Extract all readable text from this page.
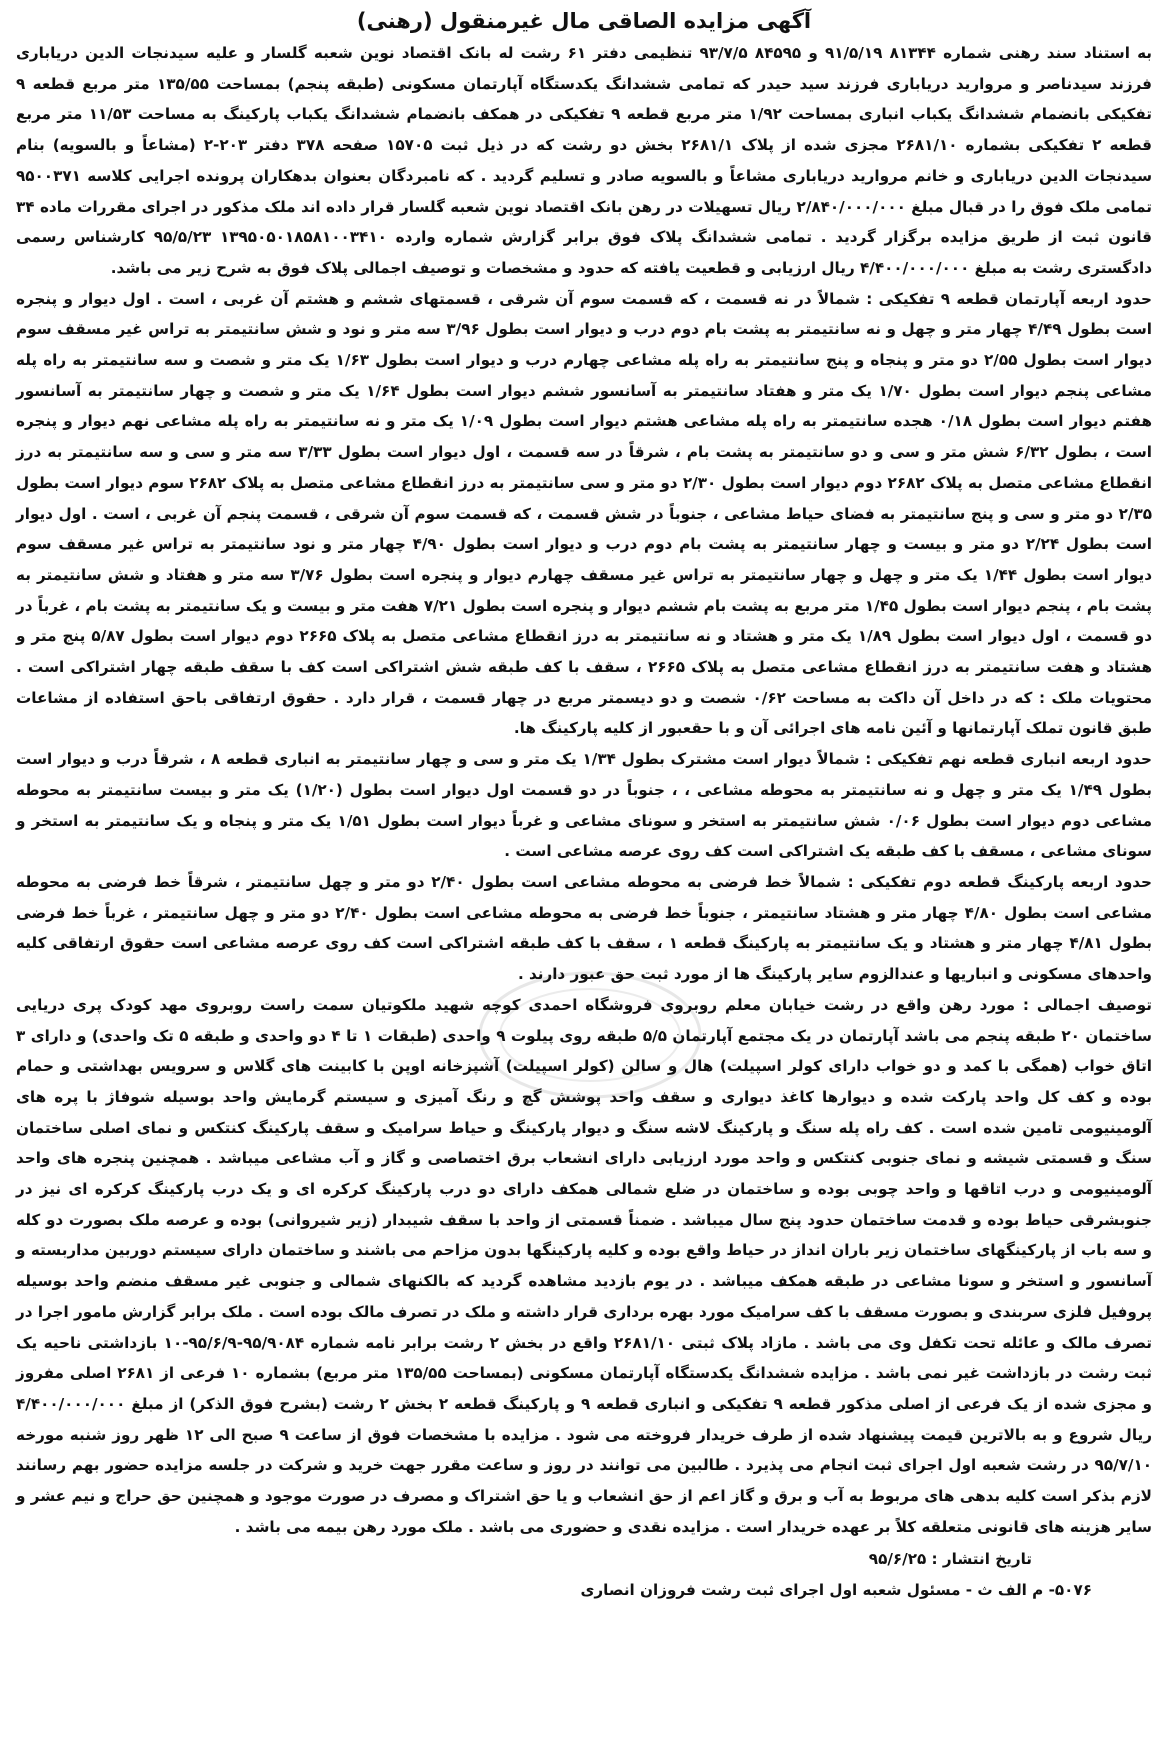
آگهی مزایده الصاقی مال غیرمنقول (رهنی)

به استناد سند رهنی شماره ۸۱۳۴۴ ۹۱/۵/۱۹ و ۸۴۵۹۵ ۹۳/۷/۵ تنظیمی دفتر ۶۱ رشت له بانک اقتصاد نوین شعبه گلسار و علیه سیدنجات الدین دریاباری فرزند سیدناصر و مروارید دریاباری فرزند سید حیدر که تمامی ششدانگ یکدستگاه آپارتمان مسکونی (طبقه پنجم) بمساحت ۱۳۵/۵۵ متر مربع قطعه ۹ تفکیکی بانضمام ششدانگ یکباب انباری بمساحت ۱/۹۲ متر مربع قطعه ۹ تفکیکی در همکف بانضمام ششدانگ یکباب پارکینگ به مساحت ۱۱/۵۳ متر مربع قطعه ۲ تفکیکی بشماره ۲۶۸۱/۱۰ مجزی شده از پلاک ۲۶۸۱/۱ بخش دو رشت که در ذیل ثبت ۱۵۷۰۵ صفحه ۳۷۸ دفتر ۲۰۳-۲ (مشاعاً و بالسویه) بنام سیدنجات الدین دریاباری و خانم مروارید دریاباری مشاعاً و بالسویه صادر و تسلیم گردید . که نامبردگان بعنوان بدهکاران پرونده اجرایی کلاسه ۹۵۰۰۳۷۱ تمامی ملک فوق را در قبال مبلغ ۲/۸۴۰/۰۰۰/۰۰۰ ریال تسهیلات در رهن بانک اقتصاد نوین شعبه گلسار قرار داده اند ملک مذکور در اجرای مقررات ماده ۳۴ قانون ثبت از طریق مزایده برگزار گردید . تمامی ششدانگ پلاک فوق برابر گزارش شماره وارده ۱۳۹۵۰۵۰۱۸۵۸۱۰۰۳۴۱۰ ۹۵/۵/۲۳ کارشناس رسمی دادگستری رشت به مبلغ ۴/۴۰۰/۰۰۰/۰۰۰ ریال ارزیابی و قطعیت یافته که حدود و مشخصات و توصیف اجمالی پلاک فوق به شرح زیر می باشد.

حدود اربعه آپارتمان قطعه ۹ تفکیکی : شمالاً در نه قسمت ، که قسمت سوم آن شرقی ، قسمتهای ششم و هشتم آن غربی ، است . اول دیوار و پنجره است بطول ۴/۴۹ چهار متر و چهل و نه سانتیمتر به پشت بام دوم درب و دیوار است بطول ۳/۹۶ سه متر و نود و شش سانتیمتر به تراس غیر مسقف سوم دیوار است بطول ۲/۵۵ دو متر و پنجاه و پنج سانتیمتر به راه پله مشاعی چهارم درب و دیوار است بطول ۱/۶۳ یک متر و شصت و سه سانتیمتر به راه پله مشاعی پنجم دیوار است بطول ۱/۷۰ یک متر و هفتاد سانتیمتر به آسانسور ششم دیوار است بطول ۱/۶۴ یک متر و شصت و چهار سانتیمتر به آسانسور هفتم دیوار است بطول ۰/۱۸ هجده سانتیمتر به راه پله مشاعی هشتم دیوار است بطول ۱/۰۹ یک متر و نه سانتیمتر به راه پله مشاعی نهم دیوار و پنجره است ، بطول ۶/۳۲ شش متر و سی و دو سانتیمتر به پشت بام ، شرقاً در سه قسمت ، اول دیوار است بطول ۳/۳۳ سه متر و سی و سه سانتیمتر به درز انقطاع مشاعی متصل به پلاک ۲۶۸۲ دوم دیوار است بطول ۲/۳۰ دو متر و سی سانتیمتر به درز انقطاع مشاعی متصل به پلاک ۲۶۸۲ سوم دیوار است بطول ۲/۳۵ دو متر و سی و پنج سانتیمتر به فضای حیاط مشاعی ، جنوباً در شش قسمت ، که قسمت سوم آن شرقی ، قسمت پنجم آن غربی ، است . اول دیوار است بطول ۲/۲۴ دو متر و بیست و چهار سانتیمتر به پشت بام دوم درب و دیوار است بطول ۴/۹۰ چهار متر و نود سانتیمتر به تراس غیر مسقف سوم دیوار است بطول ۱/۴۴ یک متر و چهل و چهار سانتیمتر به تراس غیر مسقف چهارم دیوار و پنجره است بطول ۳/۷۶ سه متر و هفتاد و شش سانتیمتر به پشت بام ، پنجم دیوار است بطول ۱/۴۵ متر مربع به پشت بام ششم دیوار و پنجره است بطول ۷/۲۱ هفت متر و بیست و یک سانتیمتر به پشت بام ، غرباً در دو قسمت ، اول دیوار است بطول ۱/۸۹ یک متر و هشتاد و نه سانتیمتر به درز انقطاع مشاعی متصل به پلاک ۲۶۶۵ دوم دیوار است بطول ۵/۸۷ پنج متر و هشتاد و هفت سانتیمتر به درز انقطاع مشاعی متصل به پلاک ۲۶۶۵ ، سقف با کف طبقه شش اشتراکی است کف با سقف طبقه چهار اشتراکی است . محتویات ملک : که در داخل آن داکت به مساحت ۰/۶۲ شصت و دو دیسمتر مربع در چهار قسمت ، قرار دارد . حقوق ارتفاقی باحق استفاده از مشاعات طبق قانون تملک آپارتمانها و آئین نامه های اجرائی آن و با حقعبور از کلیه پارکینگ ها.

حدود اربعه انباری قطعه نهم تفکیکی : شمالاً دیوار است مشترک بطول ۱/۳۴ یک متر و سی و چهار سانتیمتر به انباری قطعه ۸ ، شرقاً درب و دیوار است بطول ۱/۴۹ یک متر و چهل و نه سانتیمتر به محوطه مشاعی ، ، جنوباً در دو قسمت اول دیوار است بطول (۱/۲۰) یک متر و بیست سانتیمتر به محوطه مشاعی دوم دیوار است بطول ۰/۰۶ شش سانتیمتر به استخر و سونای مشاعی و غرباً دیوار است بطول ۱/۵۱ یک متر و پنجاه و یک سانتیمتر به استخر و سونای مشاعی ، مسقف با کف طبقه یک اشتراکی است کف روی عرصه مشاعی است .

حدود اربعه پارکینگ قطعه دوم تفکیکی : شمالاً خط فرضی به محوطه مشاعی است بطول ۲/۴۰ دو متر و چهل سانتیمتر ، شرقاً خط فرضی به محوطه مشاعی است بطول ۴/۸۰ چهار متر و هشتاد سانتیمتر ، جنوباً خط فرضی به محوطه مشاعی است بطول ۲/۴۰ دو متر و چهل سانتیمتر ، غرباً خط فرضی بطول ۴/۸۱ چهار متر و هشتاد و یک سانتیمتر به پارکینگ قطعه ۱ ، سقف با کف طبقه اشتراکی است کف روی عرصه مشاعی است حقوق ارتفاقی کلیه واحدهای مسکونی و انباریها و عندالزوم سایر پارکینگ ها از مورد ثبت حق عبور دارند .

توصیف اجمالی : مورد رهن واقع در رشت خیابان معلم روبروی فروشگاه احمدی کوچه شهید ملکوتیان سمت راست روبروی مهد کودک پری دریایی ساختمان ۲۰ طبقه پنجم می باشد آپارتمان در یک مجتمع آپارتمان ۵/۵ طبقه روی پیلوت ۹ واحدی (طبقات ۱ تا ۴ دو واحدی و طبقه ۵ تک واحدی) و دارای ۳ اتاق خواب (همگی با کمد و دو خواب دارای کولر اسپیلت) هال و سالن (کولر اسپیلت) آشپزخانه اوپن با کابینت های گلاس و سرویس بهداشتی و حمام بوده و کف کل واحد پارکت شده و دیوارها کاغذ دیواری و سقف واحد پوشش گچ و رنگ آمیزی و سیستم گرمایش واحد بوسیله شوفاژ با پره های آلومینیومی تامین شده است . کف راه پله سنگ و پارکینگ لاشه سنگ و دیوار پارکینگ و حیاط سرامیک و سقف پارکینگ کنتکس و نمای اصلی ساختمان سنگ و قسمتی شیشه و نمای جنوبی کنتکس و واحد مورد ارزیابی دارای انشعاب برق اختصاصی و گاز و آب مشاعی میباشد . همچنین پنجره های واحد آلومینیومی و درب اتاقها و واحد چوبی بوده و ساختمان در ضلع شمالی همکف دارای دو درب پارکینگ کرکره ای و یک درب پارکینگ کرکره ای نیز در جنوبشرقی حیاط بوده و قدمت ساختمان حدود پنج سال میباشد . ضمناً قسمتی از واحد با سقف شیبدار (زیر شیروانی) بوده و عرصه ملک بصورت دو کله و سه باب از پارکینگهای ساختمان زیر باران انداز در حیاط واقع بوده و کلیه پارکینگها بدون مزاحم می باشند و ساختمان دارای سیستم دوربین مداربسته و آسانسور و استخر و سونا مشاعی در طبقه همکف میباشد . در یوم بازدید مشاهده گردید که بالکنهای شمالی و جنوبی غیر مسقف منضم واحد بوسیله پروفیل فلزی سربندی و بصورت مسقف با کف سرامیک مورد بهره برداری قرار داشته و ملک در تصرف مالک بوده است . ملک برابر گزارش مامور اجرا در تصرف مالک و عائله تحت تکفل وی می باشد . مازاد پلاک ثبتی ۲۶۸۱/۱۰ واقع در بخش ۲ رشت برابر نامه شماره ۹۵/۹۰۸۴-۹۵/۶/۹-۱۰ بازداشتی ناحیه یک ثبت رشت در بازداشت غیر نمی باشد . مزایده ششدانگ یکدستگاه آپارتمان مسکونی (بمساحت ۱۳۵/۵۵ متر مربع) بشماره ۱۰ فرعی از ۲۶۸۱ اصلی مفروز و مجزی شده از یک فرعی از اصلی مذکور قطعه ۹ تفکیکی و انباری قطعه ۹ و پارکینگ قطعه ۲ بخش ۲ رشت (بشرح فوق الذکر) از مبلغ ۴/۴۰۰/۰۰۰/۰۰۰ ریال شروع و به بالاترین قیمت پیشنهاد شده از طرف خریدار فروخته می شود . مزایده با مشخصات فوق از ساعت ۹ صبح الی ۱۲ ظهر روز شنبه مورخه ۹۵/۷/۱۰ در رشت شعبه اول اجرای ثبت انجام می پذیرد . طالبین می توانند در روز و ساعت مقرر جهت خرید و شرکت در جلسه مزایده حضور بهم رسانند لازم بذکر است کلیه بدهی های مربوط به آب و برق و گاز اعم از حق انشعاب و یا حق اشتراک و مصرف در صورت موجود و همچنین حق حراج و نیم عشر و سایر هزینه های قانونی متعلقه کلاً بر عهده خریدار است . مزایده نقدی و حضوری می باشد . ملک مورد رهن بیمه می باشد .

تاریخ انتشار : ۹۵/۶/۲۵
۵۰۷۶- م الف ث - مسئول شعبه اول اجرای ثبت رشت فروزان انصاری
